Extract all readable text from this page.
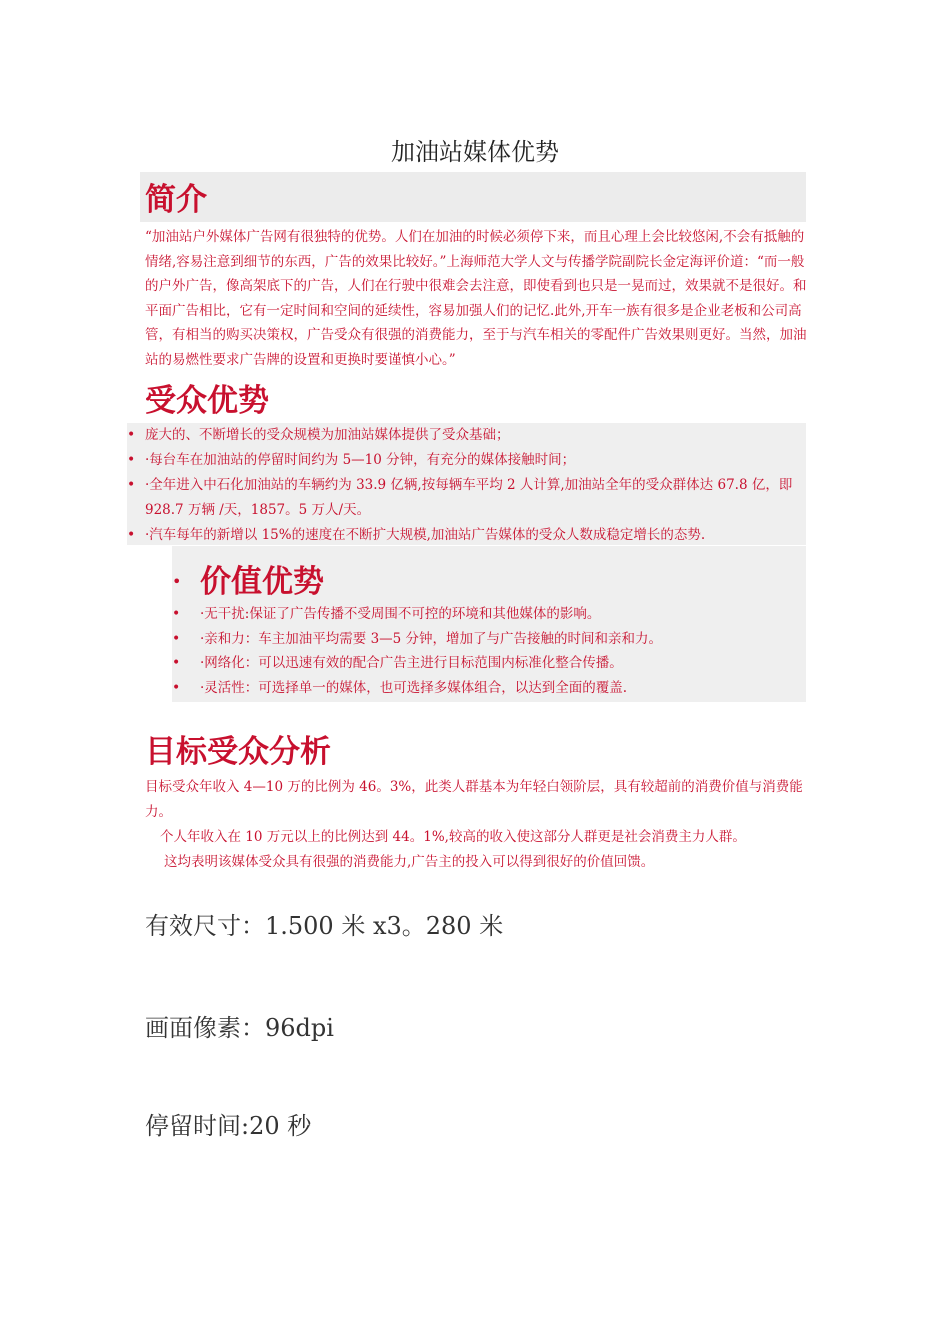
加油站媒体优势
简介

“加油站户外媒体广告网有很独特的优势。人们在加油的时候必须停下来，而且心理上会比较悠闲,不会有抵触的情绪,容易注意到细节的东西，广告的效果比较好。”上海师范大学人文与传播学院副院长金定海评价道：“而一般的户外广告，像高架底下的广告，人们在行驶中很难会去注意，即使看到也只是一晃而过，效果就不是很好。和平面广告相比，它有一定时间和空间的延续性，容易加强人们的记忆.此外,开车一族有很多是企业老板和公司高管，有相当的购买决策权，广告受众有很强的消费能力，至于与汽车相关的零配件广告效果则更好。当然，加油站的易燃性要求广告牌的设置和更换时要谨慎小心。”

受众优势
• 庞大的、不断增长的受众规模为加油站媒体提供了受众基础；
• ·每台车在加油站的停留时间约为 5—10 分钟，有充分的媒体接触时间；
• ·全年进入中石化加油站的车辆约为 33.9 亿辆,按每辆车平均 2 人计算,加油站全年的受众群体达 67.8 亿，即 928.7 万辆 /天，1857。5 万人/天。
• ·汽车每年的新增以 15%的速度在不断扩大规模,加油站广告媒体的受众人数成稳定增长的态势.
• 价值优势
• ·无干扰:保证了广告传播不受周围不可控的环境和其他媒体的影响。
• ·亲和力：车主加油平均需要 3—5 分钟，增加了与广告接触的时间和亲和力。
• ·网络化：可以迅速有效的配合广告主进行目标范围内标准化整合传播。
• ·灵活性：可选择单一的媒体，也可选择多媒体组合，以达到全面的覆盖.
目标受众分析

目标受众年收入 4—10 万的比例为 46。3%，此类人群基本为年轻白领阶层，具有较超前的消费价值与消费能力。

个人年收入在 10 万元以上的比例达到 44。1%,较高的收入使这部分人群更是社会消费主力人群。

这均表明该媒体受众具有很强的消费能力,广告主的投入可以得到很好的价值回馈。

有效尺寸：1.500 米 x3。280 米
画面像素：96dpi
停留时间:20 秒
